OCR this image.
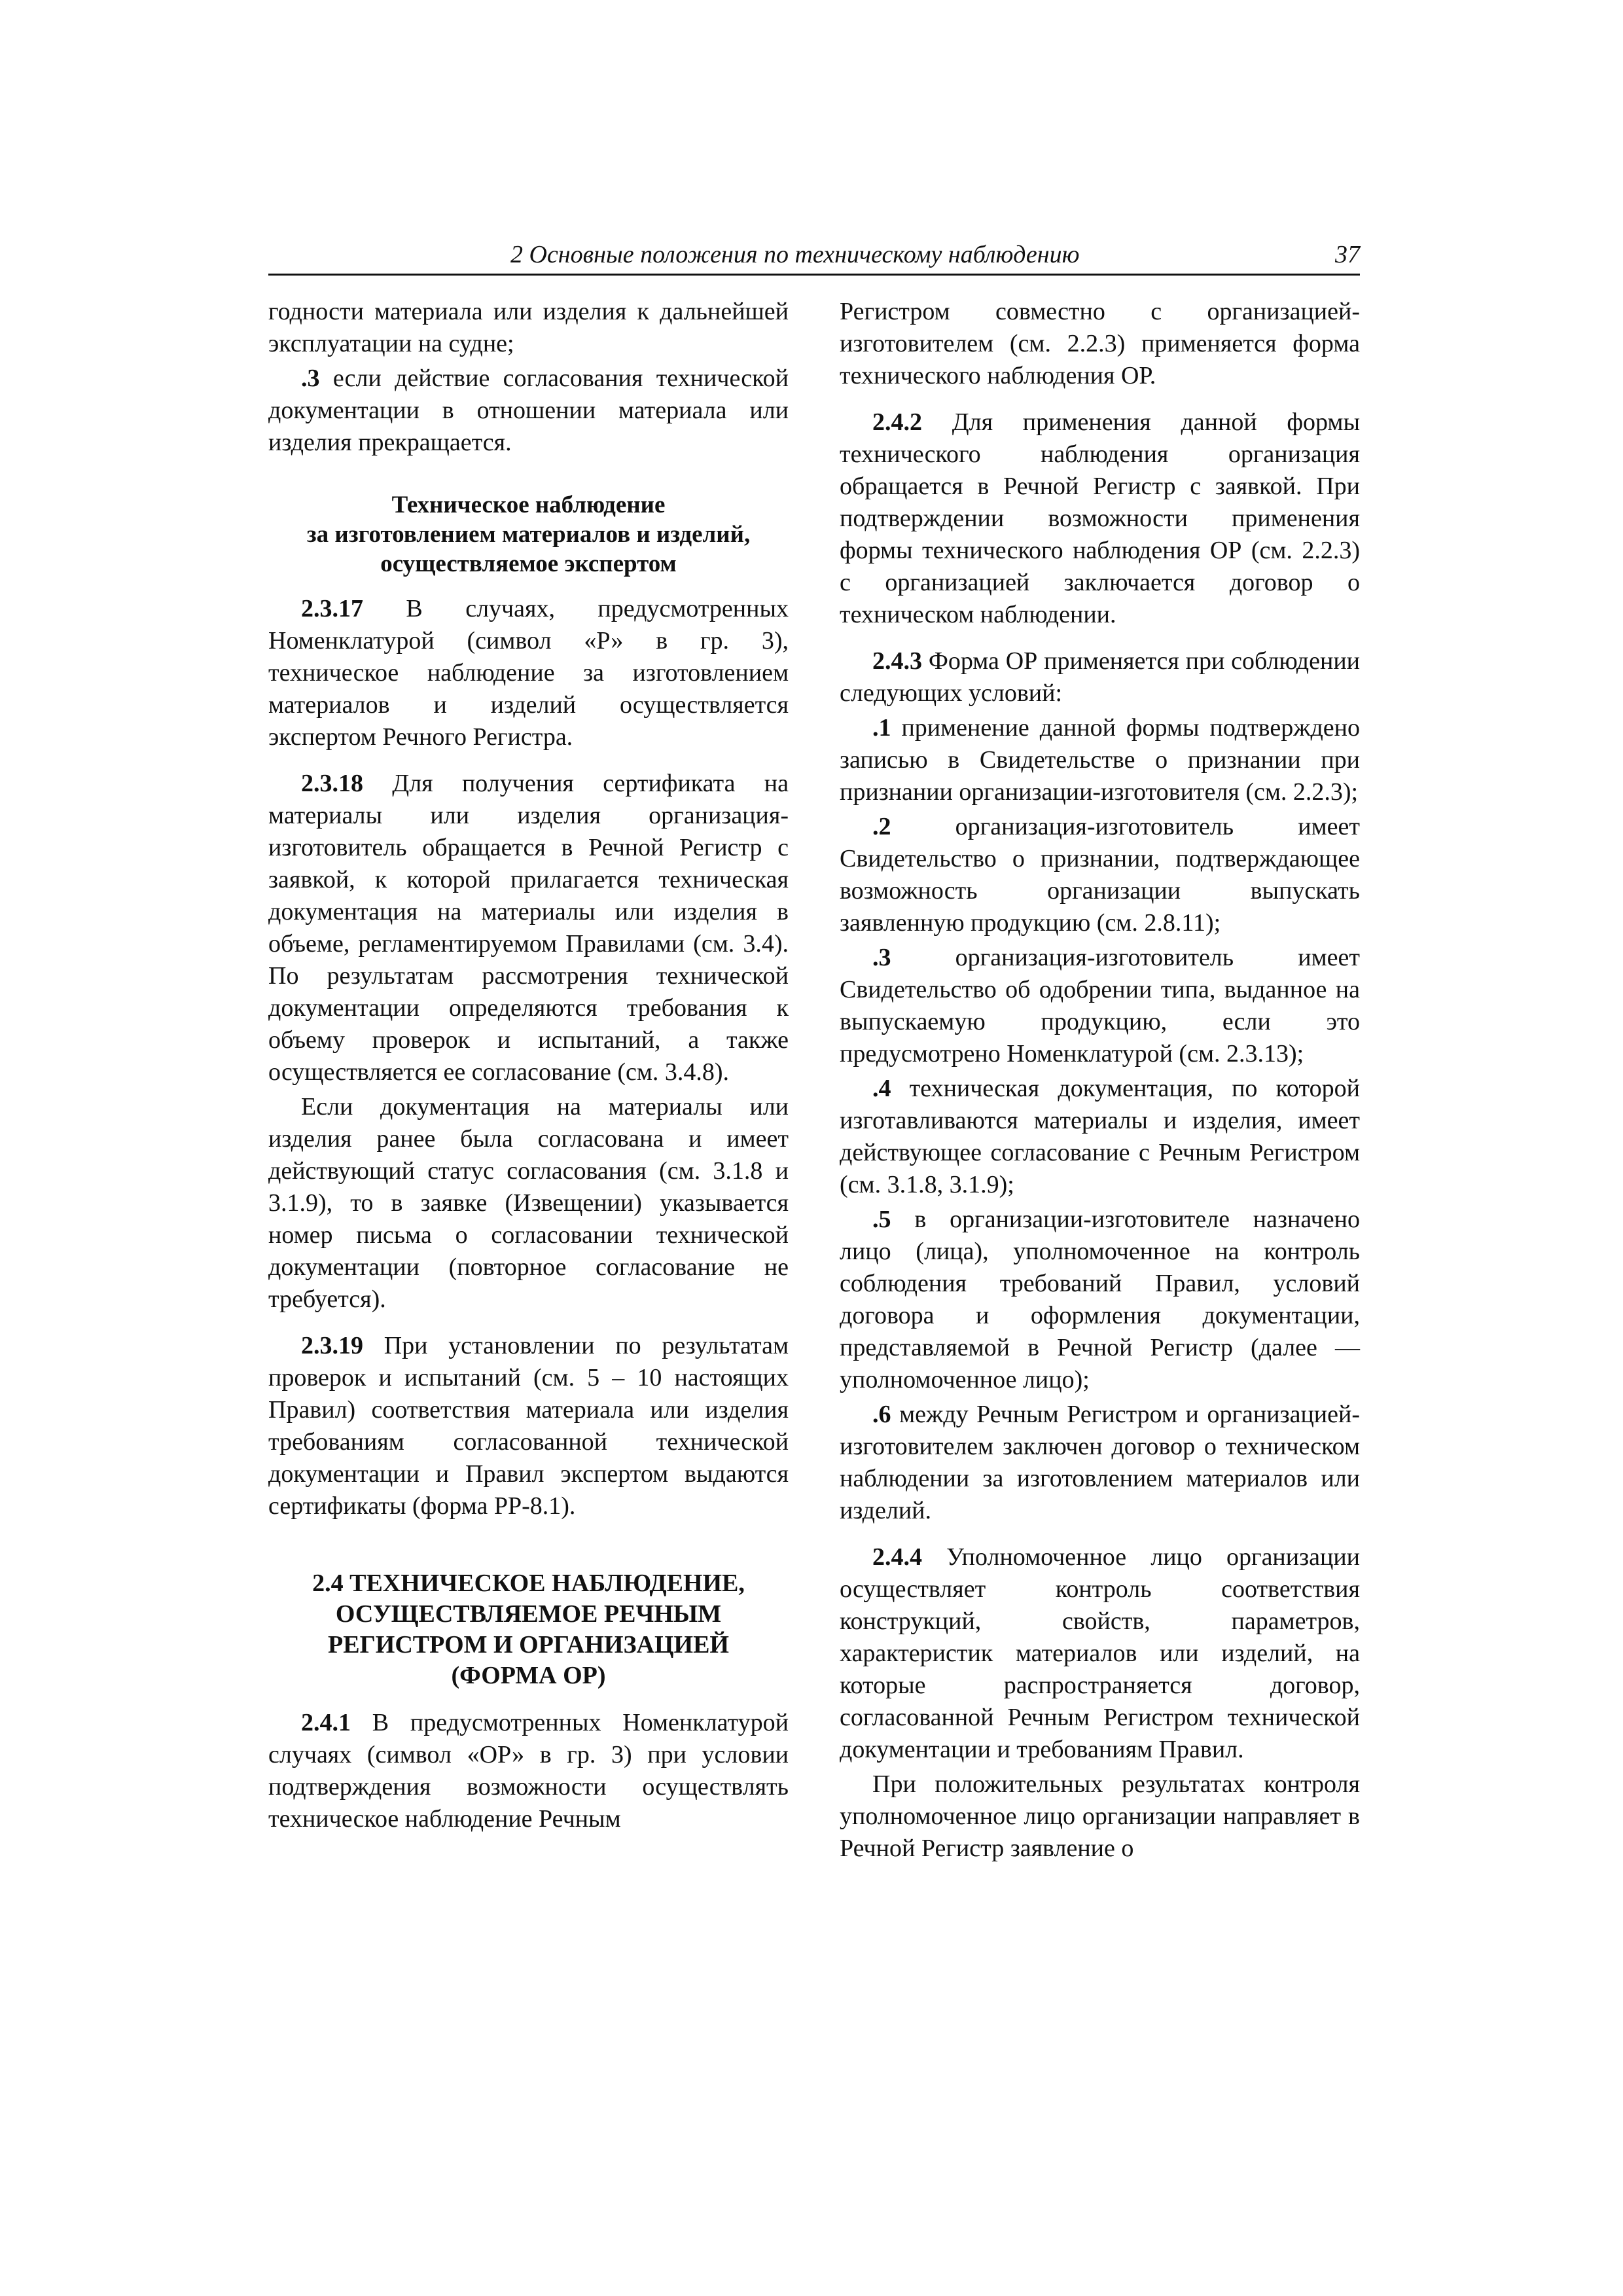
2 Основные положения по техническому наблюдению	37

годности материала или изделия к дальнейшей эксплуатации на судне;

.3 если действие согласования технической документации в отношении материала или изделия прекращается.

Техническое наблюдение
за изготовлением материалов и изделий,
осуществляемое экспертом

2.3.17 В случаях, предусмотренных Номенклатурой (символ «Р» в гр. 3), техническое наблюдение за изготовлением материалов и изделий осуществляется экспертом Речного Регистра.

2.3.18 Для получения сертификата на материалы или изделия организация-изготовитель обращается в Речной Регистр с заявкой, к которой прилагается техническая документация на материалы или изделия в объеме, регламентируемом Правилами (см. 3.4). По результатам рассмотрения технической документации определяются требования к объему проверок и испытаний, а также осуществляется ее согласование (см. 3.4.8).

Если документация на материалы или изделия ранее была согласована и имеет действующий статус согласования (см. 3.1.8 и 3.1.9), то в заявке (Извещении) указывается номер письма о согласовании технической документации (повторное согласование не требуется).

2.3.19 При установлении по результатам проверок и испытаний (см. 5 – 10 настоящих Правил) соответствия материала или изделия требованиям согласованной технической документации и Правил экспертом выдаются сертификаты (форма РР-8.1).

2.4 ТЕХНИЧЕСКОЕ НАБЛЮДЕНИЕ,
ОСУЩЕСТВЛЯЕМОЕ РЕЧНЫМ
РЕГИСТРОМ И ОРГАНИЗАЦИЕЙ
(ФОРМА ОР)

2.4.1 В предусмотренных Номенклатурой случаях (символ «ОР» в гр. 3) при условии подтверждения возможности осуществлять техническое наблюдение Речным

Регистром совместно с организацией-изготовителем (см. 2.2.3) применяется форма технического наблюдения ОР.

2.4.2 Для применения данной формы технического наблюдения организация обращается в Речной Регистр с заявкой. При подтверждении возможности применения формы технического наблюдения ОР (см. 2.2.3) с организацией заключается договор о техническом наблюдении.

2.4.3 Форма ОР применяется при соблюдении следующих условий:

.1 применение данной формы подтверждено записью в Свидетельстве о признании при признании организации-изготовителя (см. 2.2.3);

.2 организация-изготовитель имеет Свидетельство о признании, подтверждающее возможность организации выпускать заявленную продукцию (см. 2.8.11);

.3 организация-изготовитель имеет Свидетельство об одобрении типа, выданное на выпускаемую продукцию, если это предусмотрено Номенклатурой (см. 2.3.13);

.4 техническая документация, по которой изготавливаются материалы и изделия, имеет действующее согласование с Речным Регистром (см. 3.1.8, 3.1.9);

.5 в организации-изготовителе назначено лицо (лица), уполномоченное на контроль соблюдения требований Правил, условий договора и оформления документации, представляемой в Речной Регистр (далее — уполномоченное лицо);

.6 между Речным Регистром и организацией-изготовителем заключен договор о техническом наблюдении за изготовлением материалов или изделий.

2.4.4 Уполномоченное лицо организации осуществляет контроль соответствия конструкций, свойств, параметров, характеристик материалов или изделий, на которые распространяется договор, согласованной Речным Регистром технической документации и требованиям Правил.

При положительных результатах контроля уполномоченное лицо организации направляет в Речной Регистр заявление о
